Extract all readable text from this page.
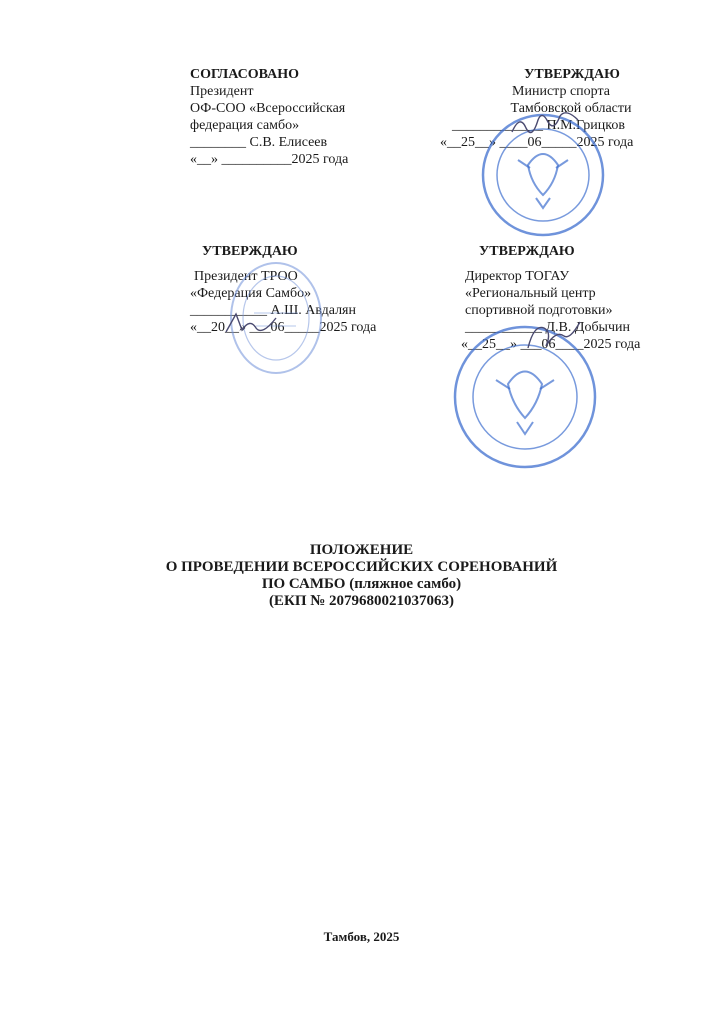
СОГЛАСОВАНО
Президент
ОФ-СОО «Всероссийская
федерация самбо»
________ С.В. Елисеев
«__» __________2025 года
УТВЕРЖДАЮ
Министр спорта
Тамбовской области
_____________ П.М.Грицков
«__25__» ____06_____2025 года
УТВЕРЖДАЮ
Президент ТРОО
«Федерация Самбо»
___________ А.Ш. Авдалян
«__20__» ___06_____2025 года
УТВЕРЖДАЮ
Директор ТОГАУ
«Региональный центр
спортивной подготовки»
___________ Д.В. Добычин
«__25__» ___06____2025 года
ПОЛОЖЕНИЕ
О ПРОВЕДЕНИИ ВСЕРОССИЙСКИХ СОРЕНОВАНИЙ
ПО САМБО (пляжное самбо)
(ЕКП № 2079680021037063)
Тамбов, 2025
